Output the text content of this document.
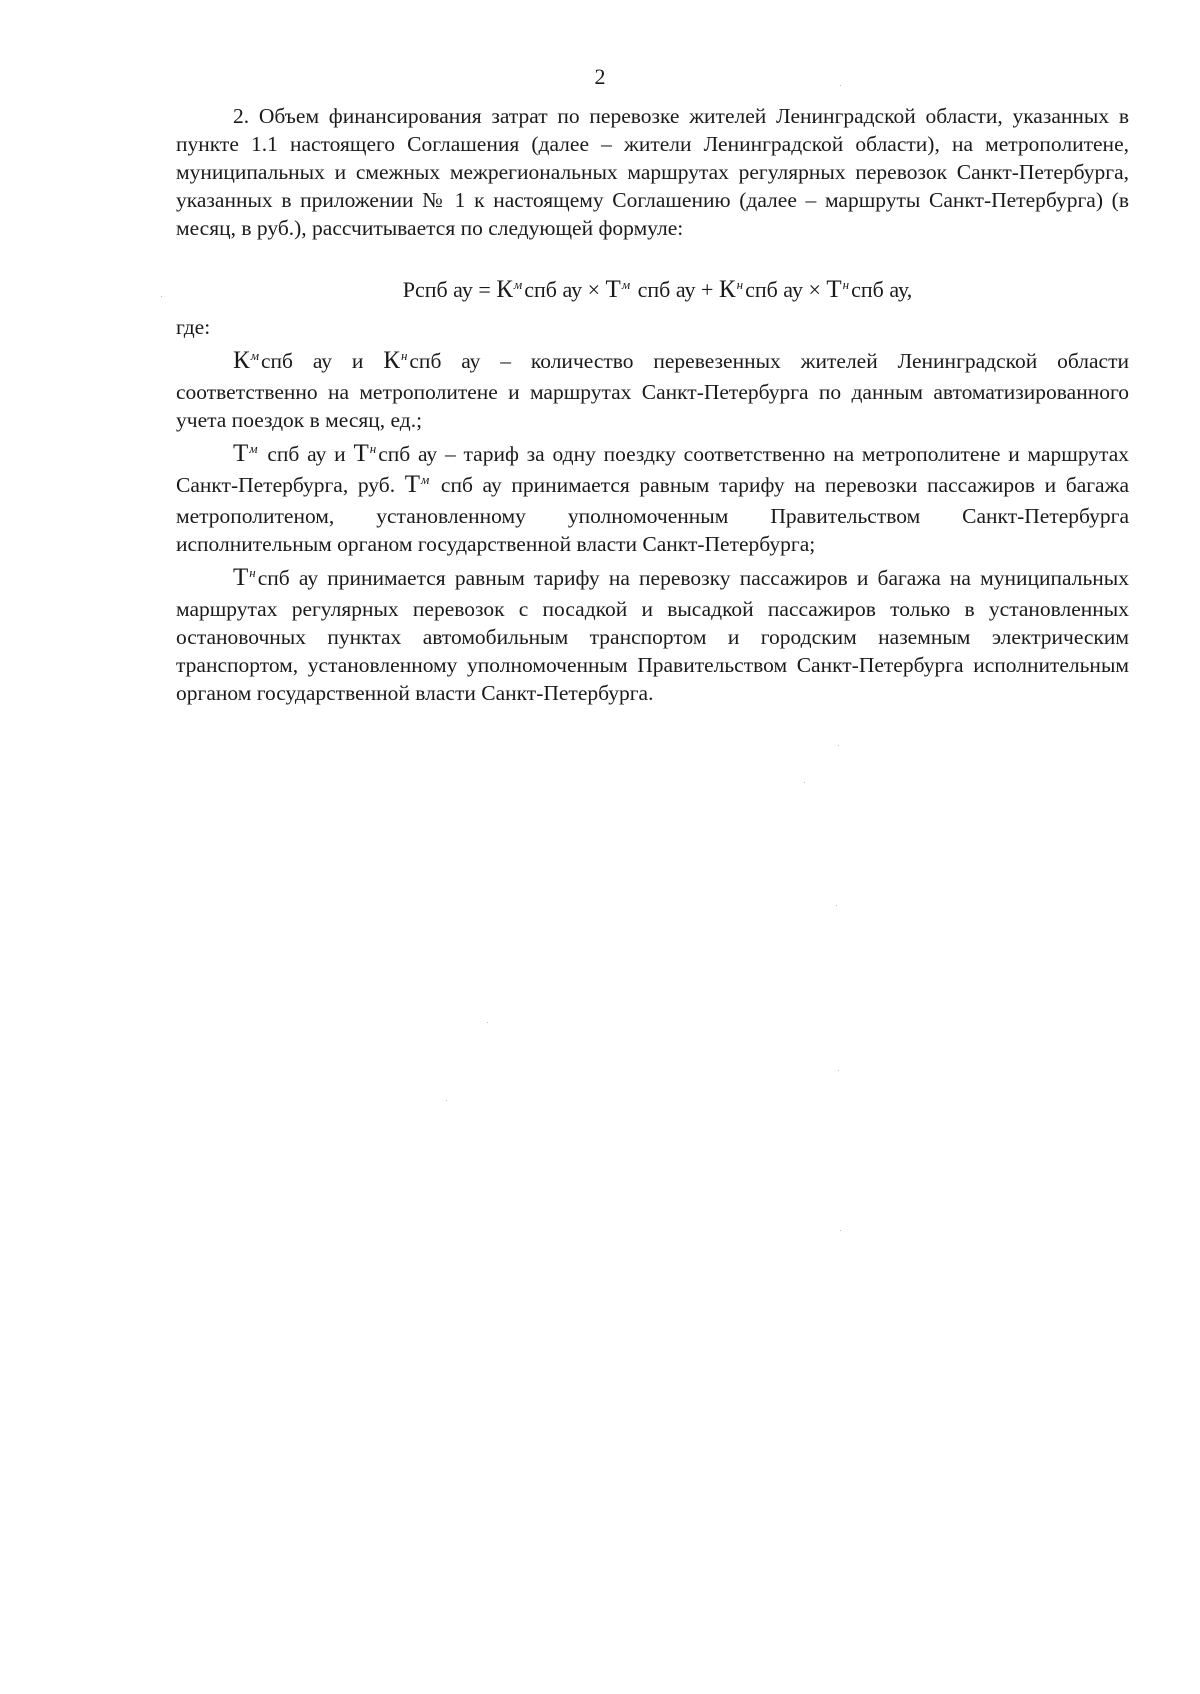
2

2. Объем финансирования затрат по перевозке жителей Ленинградской области, указанных в пункте 1.1 настоящего Соглашения (далее – жители Ленинградской области), на метрополитене, муниципальных и смежных межрегиональных маршрутах регулярных перевозок Санкт-Петербурга, указанных в приложении № 1 к настоящему Соглашению (далее – маршруты Санкт-Петербурга) (в месяц, в руб.), рассчитывается по следующей формуле:

Рспб ау = $К^мспб$ ау × $Т^м$ спб ау + $К^нспб$ ау × $Т^нспб$ ау,

где:

$К^мспб$ ау и $К^нспб$ ау – количество перевезенных жителей Ленинградской области соответственно на метрополитене и маршрутах Санкт-Петербурга по данным автоматизированного учета поездок в месяц, ед.;

$Т^м$ спб ау и $Т^нспб$ ау – тариф за одну поездку соответственно на метрополитене и маршрутах Санкт-Петербурга, руб. $Т^м$ спб ау принимается равным тарифу на перевозки пассажиров и багажа метрополитеном, установленному уполномоченным Правительством Санкт-Петербурга исполнительным органом государственной власти Санкт-Петербурга;

$Т^нспб$ ау принимается равным тарифу на перевозку пассажиров и багажа на муниципальных маршрутах регулярных перевозок с посадкой и высадкой пассажиров только в установленных остановочных пунктах автомобильным транспортом и городским наземным электрическим транспортом, установленному уполномоченным Правительством Санкт-Петербурга исполнительным органом государственной власти Санкт-Петербурга.
